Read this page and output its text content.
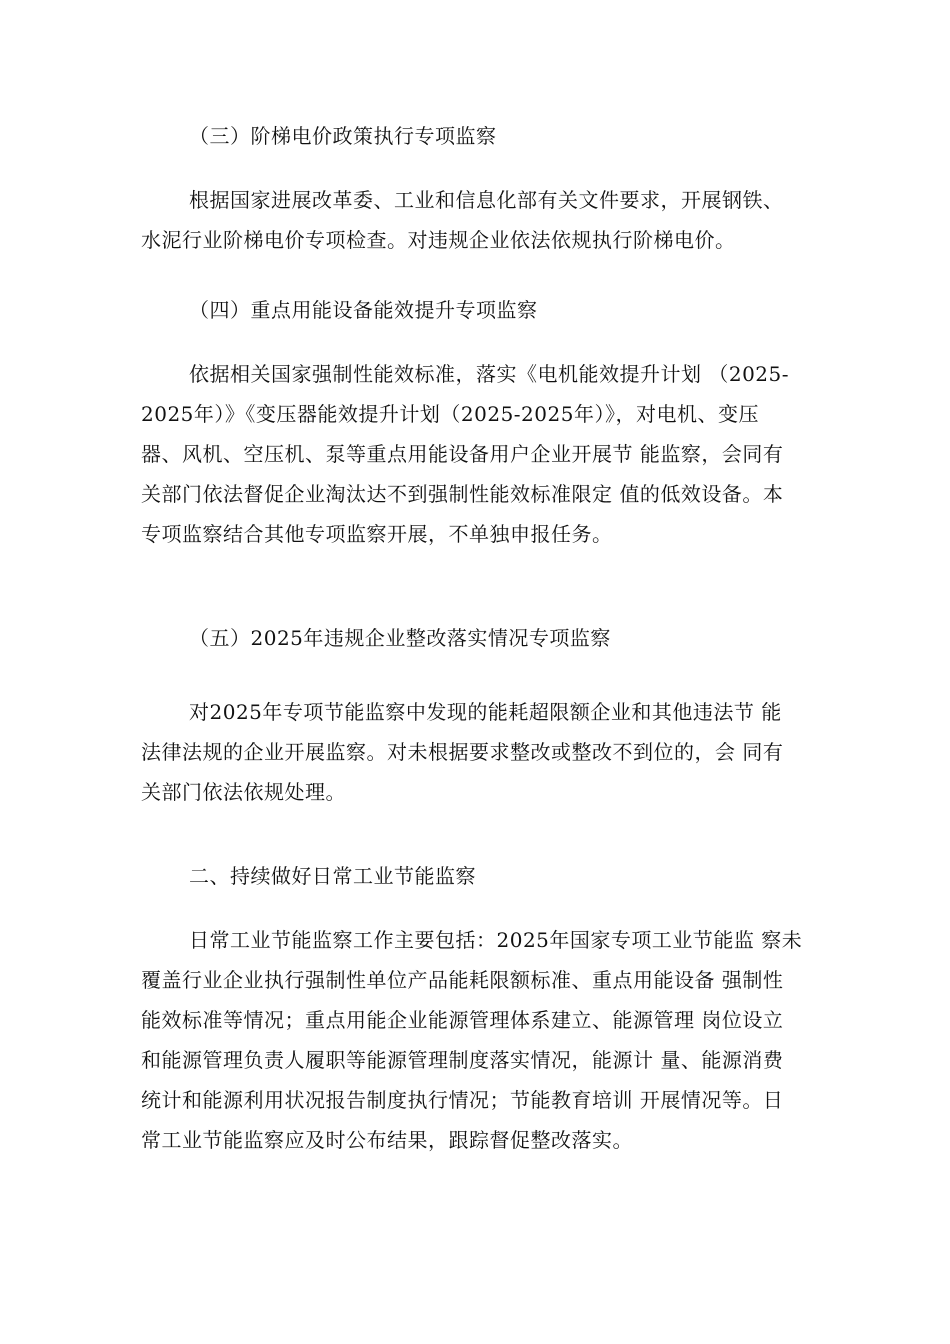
（三）阶梯电价政策执行专项监察
根据国家进展改革委、工业和信息化部有关文件要求，开展钢铁、
水泥行业阶梯电价专项检查。对违规企业依法依规执行阶梯电价。
（四）重点用能设备能效提升专项监察
依据相关国家强制性能效标准，落实《电机能效提升计划 （2025-
2025年）》《变压器能效提升计划（2025-2025年）》，对电机、变压
器、风机、空压机、泵等重点用能设备用户企业开展节 能监察，会同有
关部门依法督促企业淘汰达不到强制性能效标准限定 值的低效设备。本
专项监察结合其他专项监察开展，不单独申报任务。
（五）2025年违规企业整改落实情况专项监察
对2025年专项节能监察中发现的能耗超限额企业和其他违法节 能
法律法规的企业开展监察。对未根据要求整改或整改不到位的，会 同有
关部门依法依规处理。
二、持续做好日常工业节能监察
日常工业节能监察工作主要包括：2025年国家专项工业节能监 察未
覆盖行业企业执行强制性单位产品能耗限额标准、重点用能设备 强制性
能效标准等情况；重点用能企业能源管理体系建立、能源管理 岗位设立
和能源管理负责人履职等能源管理制度落实情况，能源计 量、能源消费
统计和能源利用状况报告制度执行情况；节能教育培训 开展情况等。日
常工业节能监察应及时公布结果，跟踪督促整改落实。
